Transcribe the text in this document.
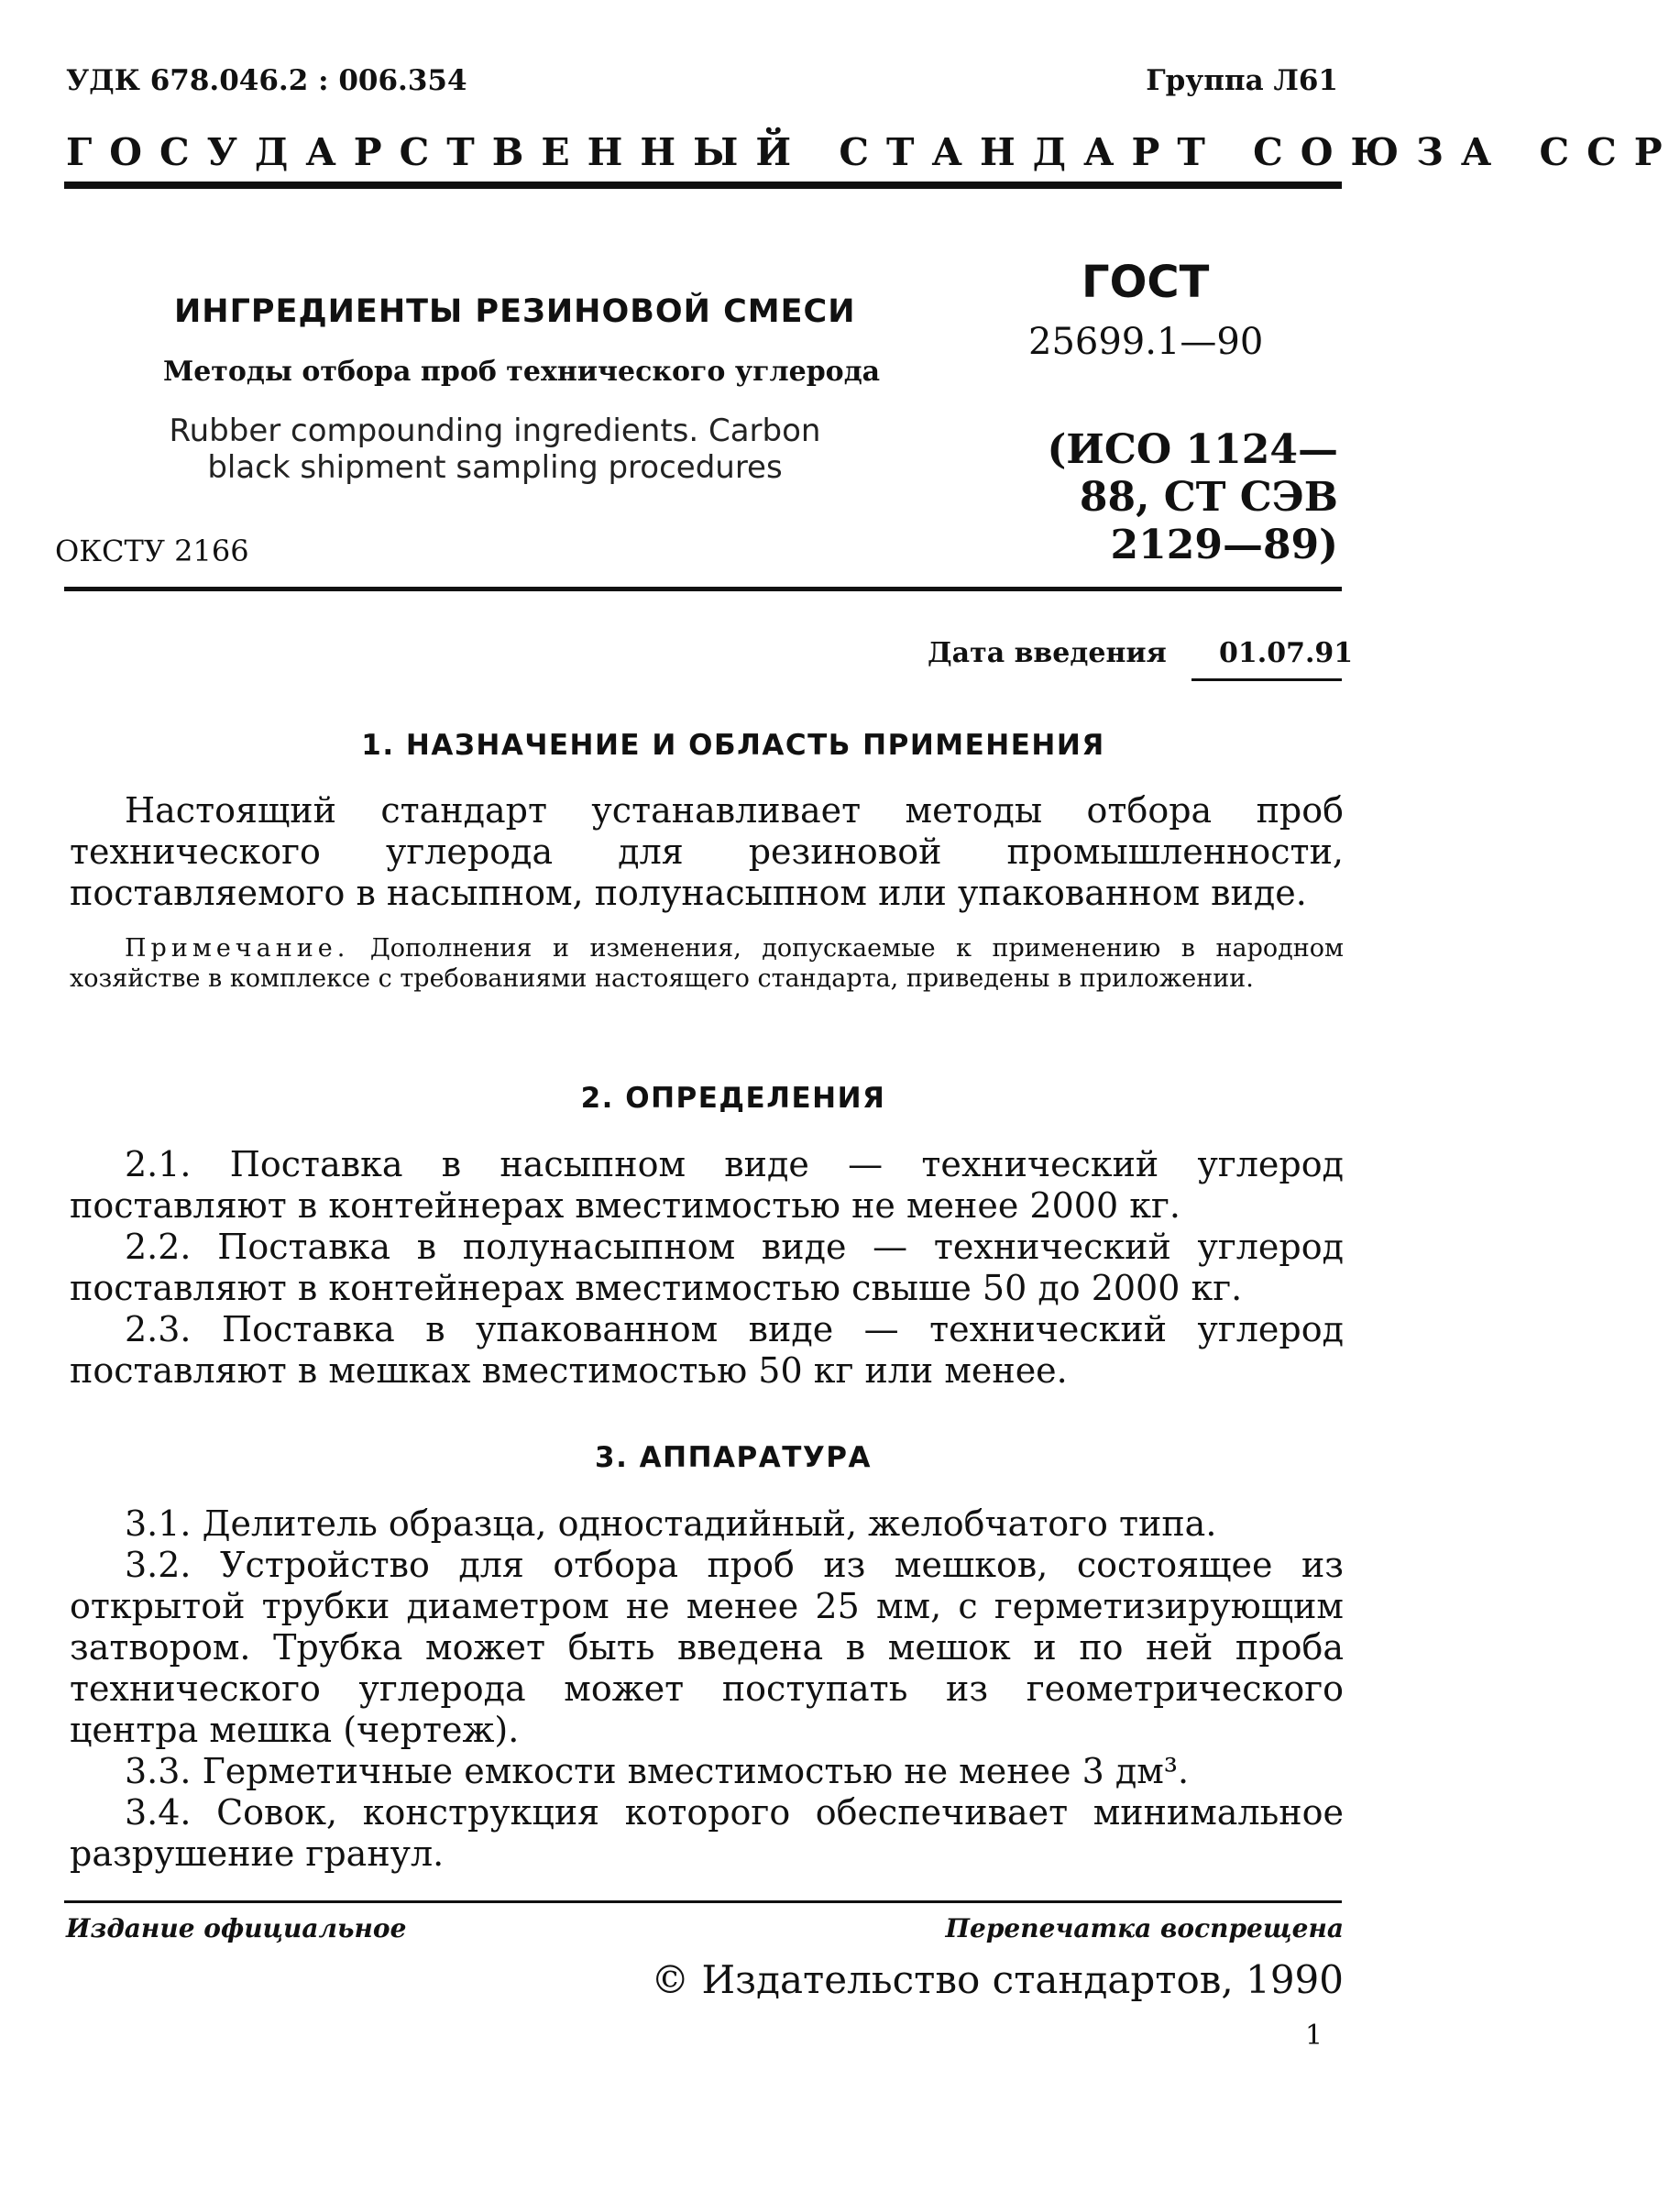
УДК 678.046.2 : 006.354	Группа Л61
ГОСУДАРСТВЕННЫЙ СТАНДАРТ СОЮЗА ССР
ИНГРЕДИЕНТЫ РЕЗИНОВОЙ СМЕСИ
Методы отбора проб технического углерода
Rubber compounding ingredients. Carbon black shipment sampling procedures
ГОСТ
25699.1—90
(ИСО 1124—88, СТ СЭВ 2129—89)
ОКСТУ 2166
Дата введения 01.07.91
1. НАЗНАЧЕНИЕ И ОБЛАСТЬ ПРИМЕНЕНИЯ

Настоящий стандарт устанавливает методы отбора проб технического углерода для резиновой промышленности, поставляемого в насыпном, полунасыпном или упакованном виде.

Примечание. Дополнения и изменения, допускаемые к применению в народном хозяйстве в комплексе с требованиями настоящего стандарта, приведены в приложении.

2. ОПРЕДЕЛЕНИЯ

2.1. Поставка в насыпном виде — технический углерод поставляют в контейнерах вместимостью не менее 2000 кг.

2.2. Поставка в полунасыпном виде — технический углерод поставляют в контейнерах вместимостью свыше 50 до 2000 кг.

2.3. Поставка в упакованном виде — технический углерод поставляют в мешках вместимостью 50 кг или менее.

3. АППАРАТУРА

3.1. Делитель образца, одностадийный, желобчатого типа.

3.2. Устройство для отбора проб из мешков, состоящее из открытой трубки диаметром не менее 25 мм, с герметизирующим затвором. Трубка может быть введена в мешок и по ней проба технического углерода может поступать из геометрического центра мешка (чертеж).

3.3. Герметичные емкости вместимостью не менее 3 дм³.

3.4. Совок, конструкция которого обеспечивает минимальное разрушение гранул.

Издание официальное	Перепечатка воспрещена
© Издательство стандартов, 1990
1
